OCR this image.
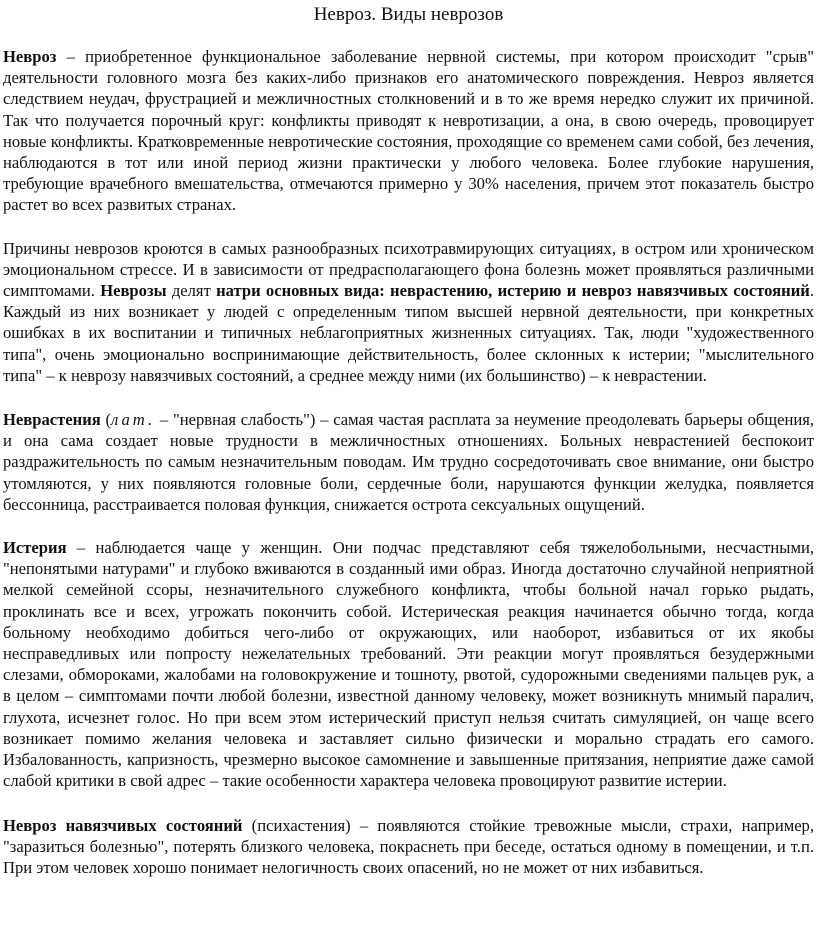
Невроз. Виды неврозов

Невроз – приобретенное функциональное заболевание нервной системы, при котором происходит "срыв" деятельности головного мозга без каких-либо признаков его анатомического повреждения. Невроз является следствием неудач, фрустрацией и межличностных столкновений и в то же время нередко служит их причиной. Так что получается порочный круг: конфликты приводят к невротизации, а она, в свою очередь, провоцирует новые конфликты. Кратковременные невротические состояния, проходящие со временем сами собой, без лечения, наблюдаются в тот или иной период жизни практически у любого человека. Более глубокие нарушения, требующие врачебного вмешательства, отмечаются примерно у 30% населения, причем этот показатель быстро растет во всех развитых странах.

Причины неврозов кроются в самых разнообразных психотравмирующих ситуациях, в остром или хроническом эмоциональном стрессе. И в зависимости от предрасполагающего фона болезнь может проявляться различными симптомами. Неврозы делят натри основных вида: неврастению, истерию и невроз навязчивых состояний. Каждый из них возникает у людей с определенным типом высшей нервной деятельности, при конкретных ошибках в их воспитании и типичных неблагоприятных жизненных ситуациях. Так, люди "художественного типа", очень эмоционально воспринимающие действительность, более склонных к истерии; "мыслительного типа" – к неврозу навязчивых состояний, а среднее между ними (их большинство) – к неврастении.

Неврастения (лат. – "нервная слабость") – самая частая расплата за неумение преодолевать барьеры общения, и она сама создает новые трудности в межличностных отношениях. Больных неврастенией беспокоит раздражительность по самым незначительным поводам. Им трудно сосредоточивать свое внимание, они быстро утомляются, у них появляются головные боли, сердечные боли, нарушаются функции желудка, появляется бессонница, расстраивается половая функция, снижается острота сексуальных ощущений.

Истерия – наблюдается чаще у женщин. Они подчас представляют себя тяжелобольными, несчастными, "непонятыми натурами" и глубоко вживаются в созданный ими образ. Иногда достаточно случайной неприятной мелкой семейной ссоры, незначительного служебного конфликта, чтобы больной начал горько рыдать, проклинать все и всех, угрожать покончить собой. Истерическая реакция начинается обычно тогда, когда больному необходимо добиться чего-либо от окружающих, или наоборот, избавиться от их якобы несправедливых или попросту нежелательных требований. Эти реакции могут проявляться безудержными слезами, обмороками, жалобами на головокружение и тошноту, рвотой, судорожными сведениями пальцев рук, а в целом – симптомами почти любой болезни, известной данному человеку, может возникнуть мнимый паралич, глухота, исчезнет голос. Но при всем этом истерический приступ нельзя считать симуляцией, он чаще всего возникает помимо желания человека и заставляет сильно физически и морально страдать его самого. Избалованность, капризность, чрезмерно высокое самомнение и завышенные притязания, неприятие даже самой слабой критики в свой адрес – такие особенности характера человека провоцируют развитие истерии.

Невроз навязчивых состояний (психастения) – появляются стойкие тревожные мысли, страхи, например, "заразиться болезнью", потерять близкого человека, покраснеть при беседе, остаться одному в помещении, и т.п. При этом человек хорошо понимает нелогичность своих опасений, но не может от них избавиться.
